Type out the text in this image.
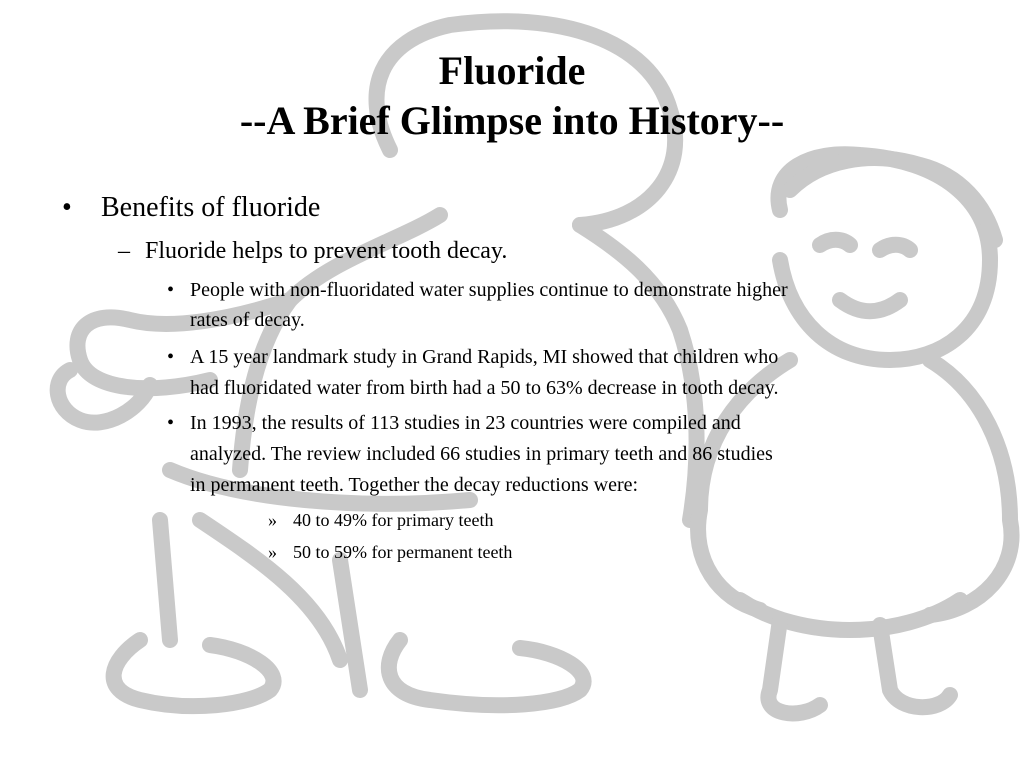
Fluoride
--A Brief Glimpse into History--
• Benefits of fluoride
– Fluoride helps to prevent tooth decay.
• People with non-fluoridated water supplies continue to demonstrate higher
rates of decay.
• A 15 year landmark study in Grand Rapids, MI showed that children who
had fluoridated water from birth had a 50 to 63% decrease in tooth decay.
• In 1993, the results of 113 studies in 23 countries were compiled and
analyzed. The review included 66 studies in primary teeth and 86 studies
in permanent teeth. Together the decay reductions were:
» 40 to 49% for primary teeth
» 50 to 59% for permanent teeth
